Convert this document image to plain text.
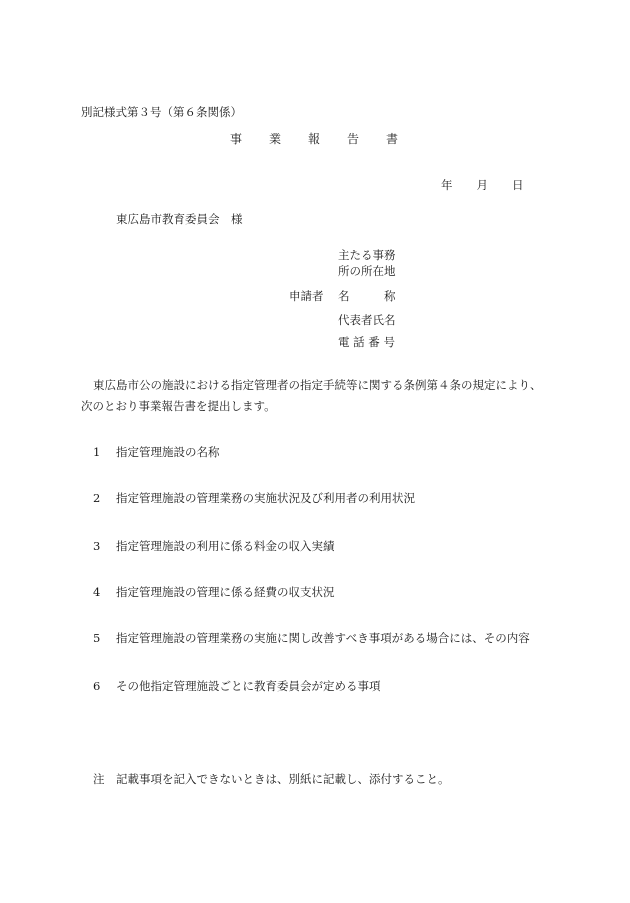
別記様式第３号（第６条関係）
事業報告書
年 月 日
東広島市教育委員会　様
主たる事務
所の所在地
申請者 名　　　称
代表者氏名
電 話 番 号
東広島市公の施設における指定管理者の指定手続等に関する条例第４条の規定により、
次のとおり事業報告書を提出します。
1 指定管理施設の名称
2 指定管理施設の管理業務の実施状況及び利用者の利用状況
3 指定管理施設の利用に係る料金の収入実績
4 指定管理施設の管理に係る経費の収支状況
5 指定管理施設の管理業務の実施に関し改善すべき事項がある場合には、その内容
6 その他指定管理施設ごとに教育委員会が定める事項
注 記載事項を記入できないときは、別紙に記載し、添付すること。
